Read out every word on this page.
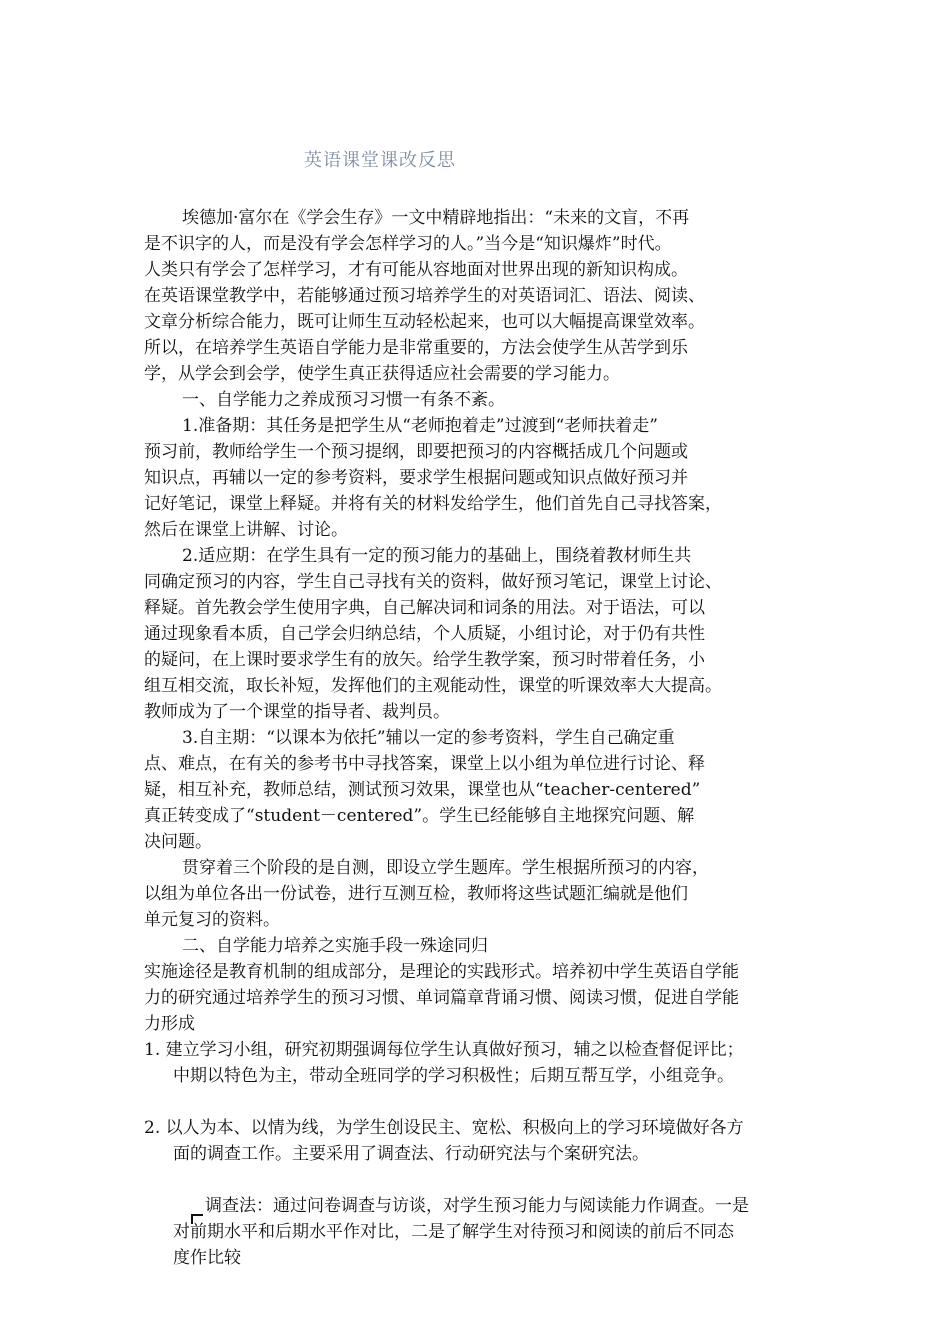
英语课堂课改反思
埃德加·富尔在《学会生存》一文中精辟地指出：“未来的文盲，不再
是不识字的人，而是没有学会怎样学习的人。”当今是“知识爆炸”时代。
人类只有学会了怎样学习，才有可能从容地面对世界出现的新知识构成。
在英语课堂教学中，若能够通过预习培养学生的对英语词汇、语法、阅读、
文章分析综合能力，既可让师生互动轻松起来，也可以大幅提高课堂效率。
所以，在培养学生英语自学能力是非常重要的，方法会使学生从苦学到乐
学，从学会到会学，使学生真正获得适应社会需要的学习能力。
一、自学能力之养成预习习惯一有条不紊。
1.准备期：其任务是把学生从“老师抱着走”过渡到“老师扶着走”
预习前，教师给学生一个预习提纲，即要把预习的内容概括成几个问题或
知识点，再辅以一定的参考资料，要求学生根据问题或知识点做好预习并
记好笔记，课堂上释疑。并将有关的材料发给学生，他们首先自己寻找答案，
然后在课堂上讲解、讨论。
2.适应期：在学生具有一定的预习能力的基础上，围绕着教材师生共
同确定预习的内容，学生自己寻找有关的资料，做好预习笔记，课堂上讨论、
释疑。首先教会学生使用字典，自己解决词和词条的用法。对于语法，可以
通过现象看本质，自己学会归纳总结，个人质疑，小组讨论，对于仍有共性
的疑问，在上课时要求学生有的放矢。给学生教学案，预习时带着任务，小
组互相交流，取长补短，发挥他们的主观能动性，课堂的听课效率大大提高。
教师成为了一个课堂的指导者、裁判员。
3.自主期：“以课本为依托”辅以一定的参考资料，学生自己确定重
点、难点，在有关的参考书中寻找答案，课堂上以小组为单位进行讨论、释
疑，相互补充，教师总结，测试预习效果，课堂也从“teacher-centered”
真正转变成了“student－centered”。学生已经能够自主地探究问题、解
决问题。
贯穿着三个阶段的是自测，即设立学生题库。学生根据所预习的内容，
以组为单位各出一份试卷，进行互测互检，教师将这些试题汇编就是他们
单元复习的资料。
二、自学能力培养之实施手段一殊途同归
实施途径是教育机制的组成部分，是理论的实践形式。培养初中学生英语自学能
力的研究通过培养学生的预习习惯、单词篇章背诵习惯、阅读习惯，促进自学能
力形成
1. 建立学习小组，研究初期强调每位学生认真做好预习，辅之以检查督促评比；
中期以特色为主，带动全班同学的学习积极性；后期互帮互学，小组竞争。
2. 以人为本、以情为线，为学生创设民主、宽松、积极向上的学习环境做好各方
面的调查工作。主要采用了调查法、行动研究法与个案研究法。
调查法：通过问卷调查与访谈，对学生预习能力与阅读能力作调查。一是
对前期水平和后期水平作对比，二是了解学生对待预习和阅读的前后不同态
度作比较
